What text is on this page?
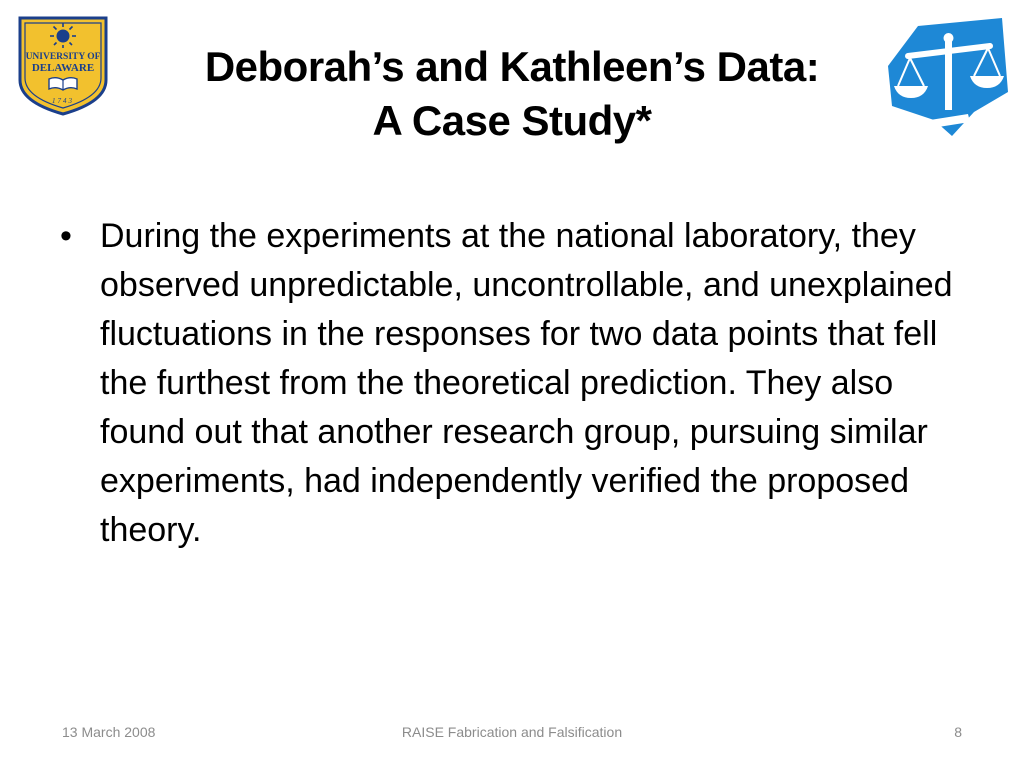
UNIVERSITY OF
DELAWARE
1743
Deborah’s and Kathleen’s Data:
A Case Study*
• During the experiments at the national laboratory, they observed unpredictable, uncontrollable, and unexplained fluctuations in the responses for two data points that fell the furthest from the theoretical prediction. They also found out that another research group, pursuing similar experiments, had independently verified the proposed theory.
13 March 2008	RAISE Fabrication and Falsification	8
